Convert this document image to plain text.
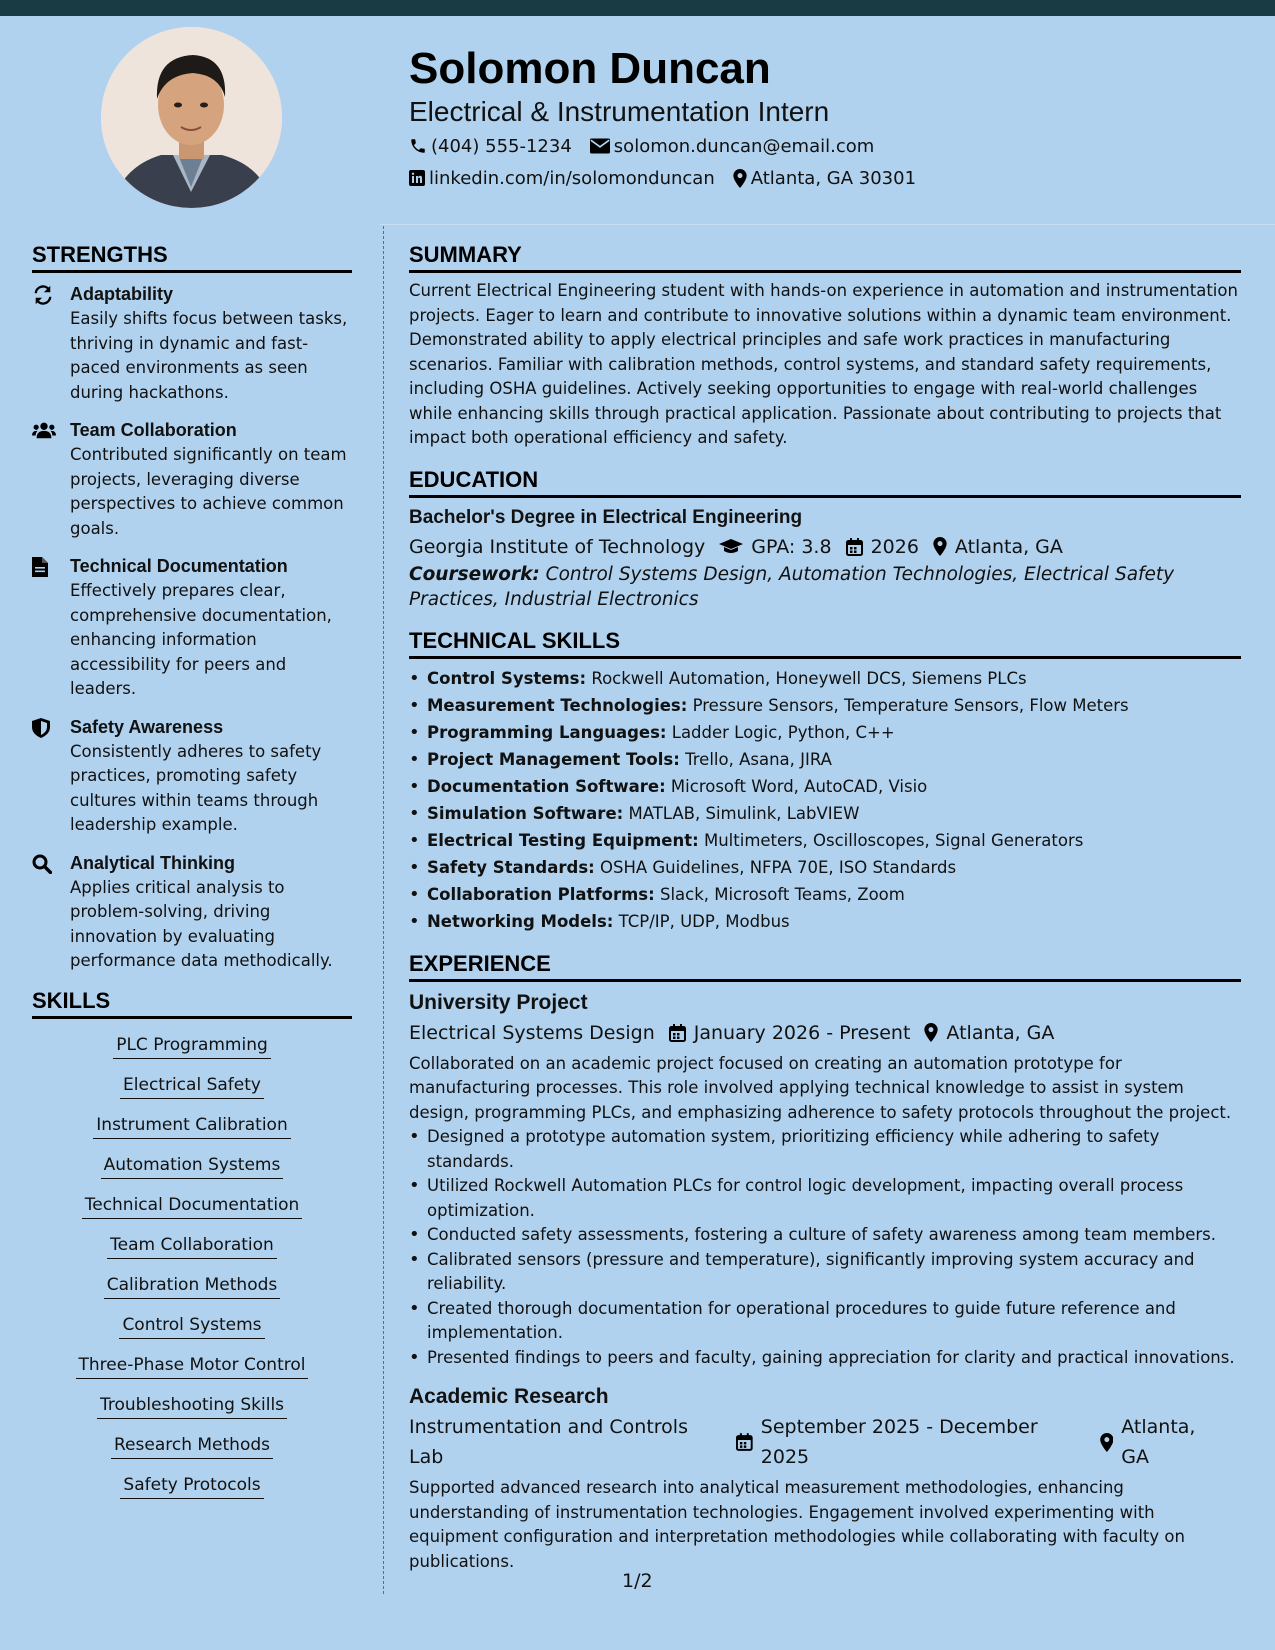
Solomon Duncan
Electrical & Instrumentation Intern
(404) 555-1234 solomon.duncan@email.com
linkedin.com/in/solomonduncan Atlanta, GA 30301
STRENGTHS
Adaptability
Easily shifts focus between tasks, thriving in dynamic and fast-paced environments as seen during hackathons.
Team Collaboration
Contributed significantly on team projects, leveraging diverse perspectives to achieve common goals.
Technical Documentation
Effectively prepares clear, comprehensive documentation, enhancing information accessibility for peers and leaders.
Safety Awareness
Consistently adheres to safety practices, promoting safety cultures within teams through leadership example.
Analytical Thinking
Applies critical analysis to problem-solving, driving innovation by evaluating performance data methodically.
SKILLS
PLC Programming
Electrical Safety
Instrument Calibration
Automation Systems
Technical Documentation
Team Collaboration
Calibration Methods
Control Systems
Three-Phase Motor Control
Troubleshooting Skills
Research Methods
Safety Protocols
SUMMARY
Current Electrical Engineering student with hands-on experience in automation and instrumentation projects. Eager to learn and contribute to innovative solutions within a dynamic team environment. Demonstrated ability to apply electrical principles and safe work practices in manufacturing scenarios. Familiar with calibration methods, control systems, and standard safety requirements, including OSHA guidelines. Actively seeking opportunities to engage with real-world challenges while enhancing skills through practical application. Passionate about contributing to projects that impact both operational efficiency and safety.
EDUCATION
Bachelor's Degree in Electrical Engineering
Georgia Institute of Technology GPA: 3.8 2026 Atlanta, GA
Coursework: Control Systems Design, Automation Technologies, Electrical Safety Practices, Industrial Electronics
TECHNICAL SKILLS
• Control Systems: Rockwell Automation, Honeywell DCS, Siemens PLCs
• Measurement Technologies: Pressure Sensors, Temperature Sensors, Flow Meters
• Programming Languages: Ladder Logic, Python, C++
• Project Management Tools: Trello, Asana, JIRA
• Documentation Software: Microsoft Word, AutoCAD, Visio
• Simulation Software: MATLAB, Simulink, LabVIEW
• Electrical Testing Equipment: Multimeters, Oscilloscopes, Signal Generators
• Safety Standards: OSHA Guidelines, NFPA 70E, ISO Standards
• Collaboration Platforms: Slack, Microsoft Teams, Zoom
• Networking Models: TCP/IP, UDP, Modbus
EXPERIENCE
University Project
Electrical Systems Design January 2026 - Present Atlanta, GA
Collaborated on an academic project focused on creating an automation prototype for manufacturing processes. This role involved applying technical knowledge to assist in system design, programming PLCs, and emphasizing adherence to safety protocols throughout the project.
• Designed a prototype automation system, prioritizing efficiency while adhering to safety standards.
• Utilized Rockwell Automation PLCs for control logic development, impacting overall process optimization.
• Conducted safety assessments, fostering a culture of safety awareness among team members.
• Calibrated sensors (pressure and temperature), significantly improving system accuracy and reliability.
• Created thorough documentation for operational procedures to guide future reference and implementation.
• Presented findings to peers and faculty, gaining appreciation for clarity and practical innovations.
Academic Research
Instrumentation and Controls Lab
September 2025 - December 2025
Atlanta, GA
Supported advanced research into analytical measurement methodologies, enhancing understanding of instrumentation technologies. Engagement involved experimenting with equipment configuration and interpretation methodologies while collaborating with faculty on publications.
1/2
